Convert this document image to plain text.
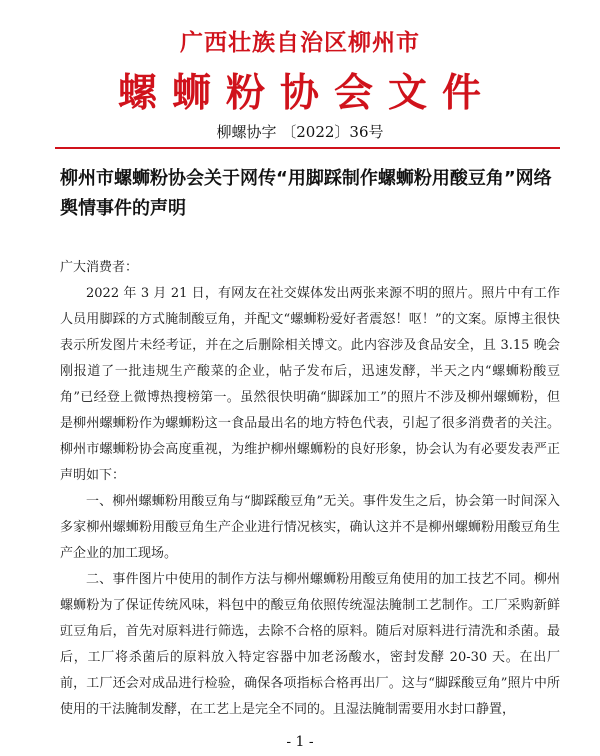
广西壮族自治区柳州市
螺蛳粉协会文件
柳螺协字 〔2022〕36号
柳州市螺蛳粉协会关于网传“用脚踩制作螺蛳粉用酸豆角”网络舆情事件的声明

广大消费者：

2022 年 3 月 21 日，有网友在社交媒体发出两张来源不明的照片。照片中有工作人员用脚踩的方式腌制酸豆角，并配文“螺蛳粉爱好者震怒！呕！”的文案。原博主很快表示所发图片未经考证，并在之后删除相关博文。此内容涉及食品安全，且 3.15 晚会刚报道了一批违规生产酸菜的企业，帖子发布后，迅速发酵，半天之内“螺蛳粉酸豆角”已经登上微博热搜榜第一。虽然很快明确“脚踩加工”的照片不涉及柳州螺蛳粉，但是柳州螺蛳粉作为螺蛳粉这一食品最出名的地方特色代表，引起了很多消费者的关注。柳州市螺蛳粉协会高度重视，为维护柳州螺蛳粉的良好形象，协会认为有必要发表严正声明如下：

一、柳州螺蛳粉用酸豆角与“脚踩酸豆角”无关。事件发生之后，协会第一时间深入多家柳州螺蛳粉用酸豆角生产企业进行情况核实，确认这并不是柳州螺蛳粉用酸豆角生产企业的加工现场。

二、事件图片中使用的制作方法与柳州螺蛳粉用酸豆角使用的加工技艺不同。柳州螺蛳粉为了保证传统风味，料包中的酸豆角依照传统湿法腌制工艺制作。工厂采购新鲜豇豆角后，首先对原料进行筛选，去除不合格的原料。随后对原料进行清洗和杀菌。最后，工厂将杀菌后的原料放入特定容器中加老汤酸水，密封发酵 20-30 天。在出厂前，工厂还会对成品进行检验，确保各项指标合格再出厂。这与“脚踩酸豆角”照片中所使用的干法腌制发酵，在工艺上是完全不同的。且湿法腌制需要用水封口静置，

- 1 -
